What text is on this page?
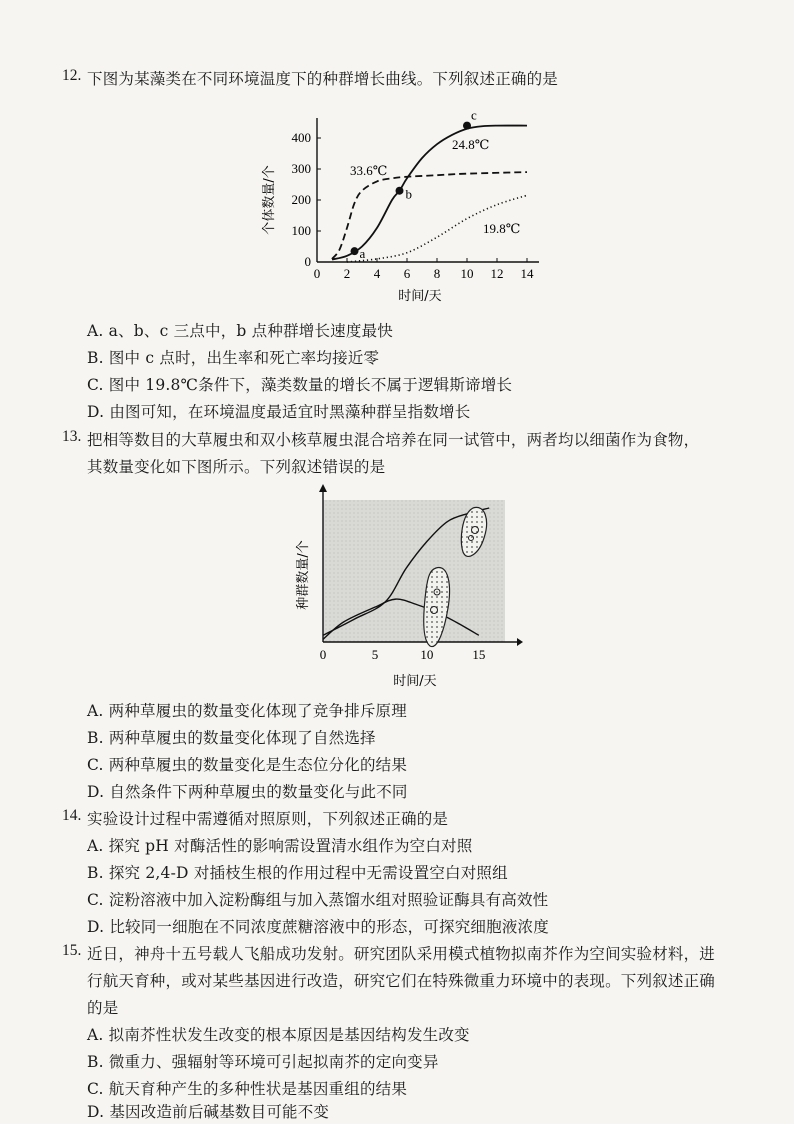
12. 下图为某藻类在不同环境温度下的种群增长曲线。下列叙述正确的是
0 2 4 6 8 10 12 14
0
100
200
300
400
a
b
c
个体数量/个
时间/天
33.6℃
24.8℃
19.8℃
A. a、b、c 三点中，b 点种群增长速度最快
B. 图中 c 点时，出生率和死亡率均接近零
C. 图中 19.8℃条件下，藻类数量的增长不属于逻辑斯谛增长
D. 由图可知，在环境温度最适宜时黑藻种群呈指数增长
13. 把相等数目的大草履虫和双小核草履虫混合培养在同一试管中，两者均以细菌作为食物，
其数量变化如下图所示。下列叙述错误的是
0	5	10	15
种群数量/个
时间/天
A. 两种草履虫的数量变化体现了竞争排斥原理
B. 两种草履虫的数量变化体现了自然选择
C. 两种草履虫的数量变化是生态位分化的结果
D. 自然条件下两种草履虫的数量变化与此不同
14. 实验设计过程中需遵循对照原则，下列叙述正确的是
A. 探究 pH 对酶活性的影响需设置清水组作为空白对照
B. 探究 2,4-D 对插枝生根的作用过程中无需设置空白对照组
C. 淀粉溶液中加入淀粉酶组与加入蒸馏水组对照验证酶具有高效性
D. 比较同一细胞在不同浓度蔗糖溶液中的形态，可探究细胞液浓度
15. 近日，神舟十五号载人飞船成功发射。研究团队采用模式植物拟南芥作为空间实验材料，进
行航天育种，或对某些基因进行改造，研究它们在特殊微重力环境中的表现。下列叙述正确
的是
A. 拟南芥性状发生改变的根本原因是基因结构发生改变
B. 微重力、强辐射等环境可引起拟南芥的定向变异
C. 航天育种产生的多种性状是基因重组的结果
D. 基因改造前后碱基数目可能不变
